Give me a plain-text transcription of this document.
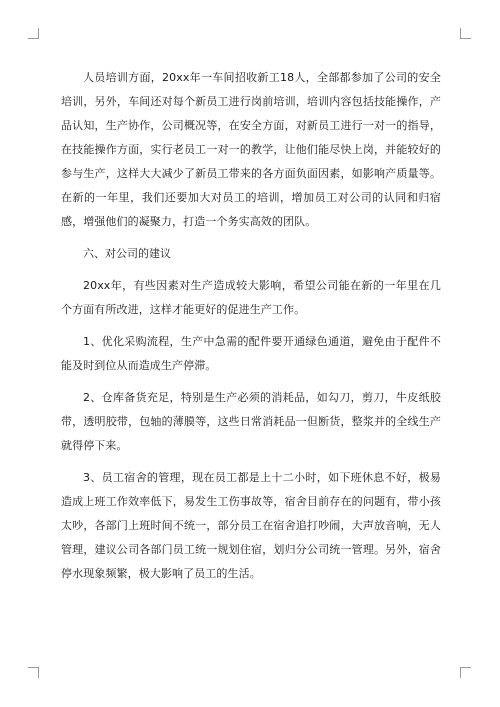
人员培训方面，20xx年一车间招收新工18人，全部都参加了公司的安全培训，另外，车间还对每个新员工进行岗前培训，培训内容包括技能操作，产品认知，生产协作，公司概况等，在安全方面，对新员工进行一对一的指导，在技能操作方面，实行老员工一对一的教学，让他们能尽快上岗，并能较好的参与生产，这样大大减少了新员工带来的各方面负面因素，如影响产质量等。在新的一年里，我们还要加大对员工的培训，增加员工对公司的认同和归宿感，增强他们的凝聚力，打造一个务实高效的团队。

六、对公司的建议

20xx年，有些因素对生产造成较大影响，希望公司能在新的一年里在几个方面有所改进，这样才能更好的促进生产工作。

1、优化采购流程，生产中急需的配件要开通绿色通道，避免由于配件不能及时到位从而造成生产停滞。

2、仓库备货充足，特别是生产必须的消耗品，如勾刀，剪刀，牛皮纸胶带，透明胶带，包轴的薄膜等，这些日常消耗品一但断货，整浆并的全线生产就得停下来。

3、员工宿舍的管理，现在员工都是上十二小时，如下班休息不好，极易造成上班工作效率低下，易发生工伤事故等，宿舍目前存在的问题有，带小孩太吵，各部门上班时间不统一，部分员工在宿舍追打吵闹，大声放音响，无人管理，建议公司各部门员工统一规划住宿，划归分公司统一管理。另外，宿舍停水现象频繁，极大影响了员工的生活。
